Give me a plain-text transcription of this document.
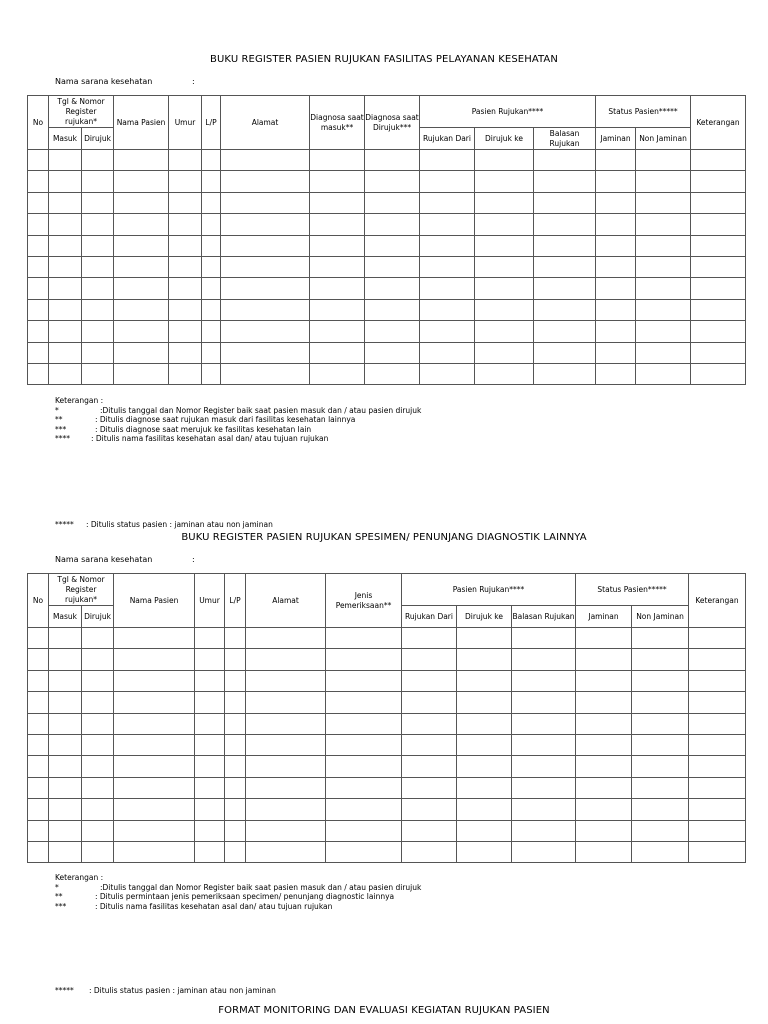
BUKU REGISTER PASIEN RUJUKAN FASILITAS PELAYANAN KESEHATAN
Nama sarana kesehatan	:
No	Tgl & Nomor Register rujukan*		Nama Pasien	Umur	L/P	Alamat	Diagnosa saat masuk**	Diagnosa saat Dirujuk***	Pasien Rujukan****			Status Pasien*****		Keterangan
	Masuk	Dirujuk							Rujukan Dari	Dirujuk ke	Balasan Rujukan	Jaminan	Non Jaminan	

Keterangan :
*	:Ditulis tanggal dan Nomor Register baik saat pasien masuk dan / atau pasien dirujuk
**	: Ditulis diagnose saat rujukan masuk dari fasilitas kesehatan lainnya
***	: Ditulis diagnose saat merujuk ke fasilitas kesehatan lain
****	: Ditulis nama fasilitas kesehatan asal dan/ atau tujuan rujukan
*****	: Ditulis status pasien : jaminan atau non jaminan
BUKU REGISTER PASIEN RUJUKAN SPESIMEN/ PENUNJANG DIAGNOSTIK LAINNYA
Nama sarana kesehatan	:
No	Tgl & Nomor Register rujukan*		Nama Pasien	Umur	L/P	Alamat	Jenis Pemeriksaan**	Pasien Rujukan****			Status Pasien*****		Keterangan
	Masuk	Dirujuk						Rujukan Dari	Dirujuk ke	Balasan Rujukan	Jaminan	Non Jaminan	

Keterangan :
*	:Ditulis tanggal dan Nomor Register baik saat pasien masuk dan / atau pasien dirujuk
**	: Ditulis permintaan jenis pemeriksaan specimen/ penunjang diagnostic lainnya
***	: Ditulis nama fasilitas kesehatan asal dan/ atau tujuan rujukan
*****	: Ditulis status pasien : jaminan atau non jaminan
FORMAT MONITORING DAN EVALUASI KEGIATAN RUJUKAN PASIEN
